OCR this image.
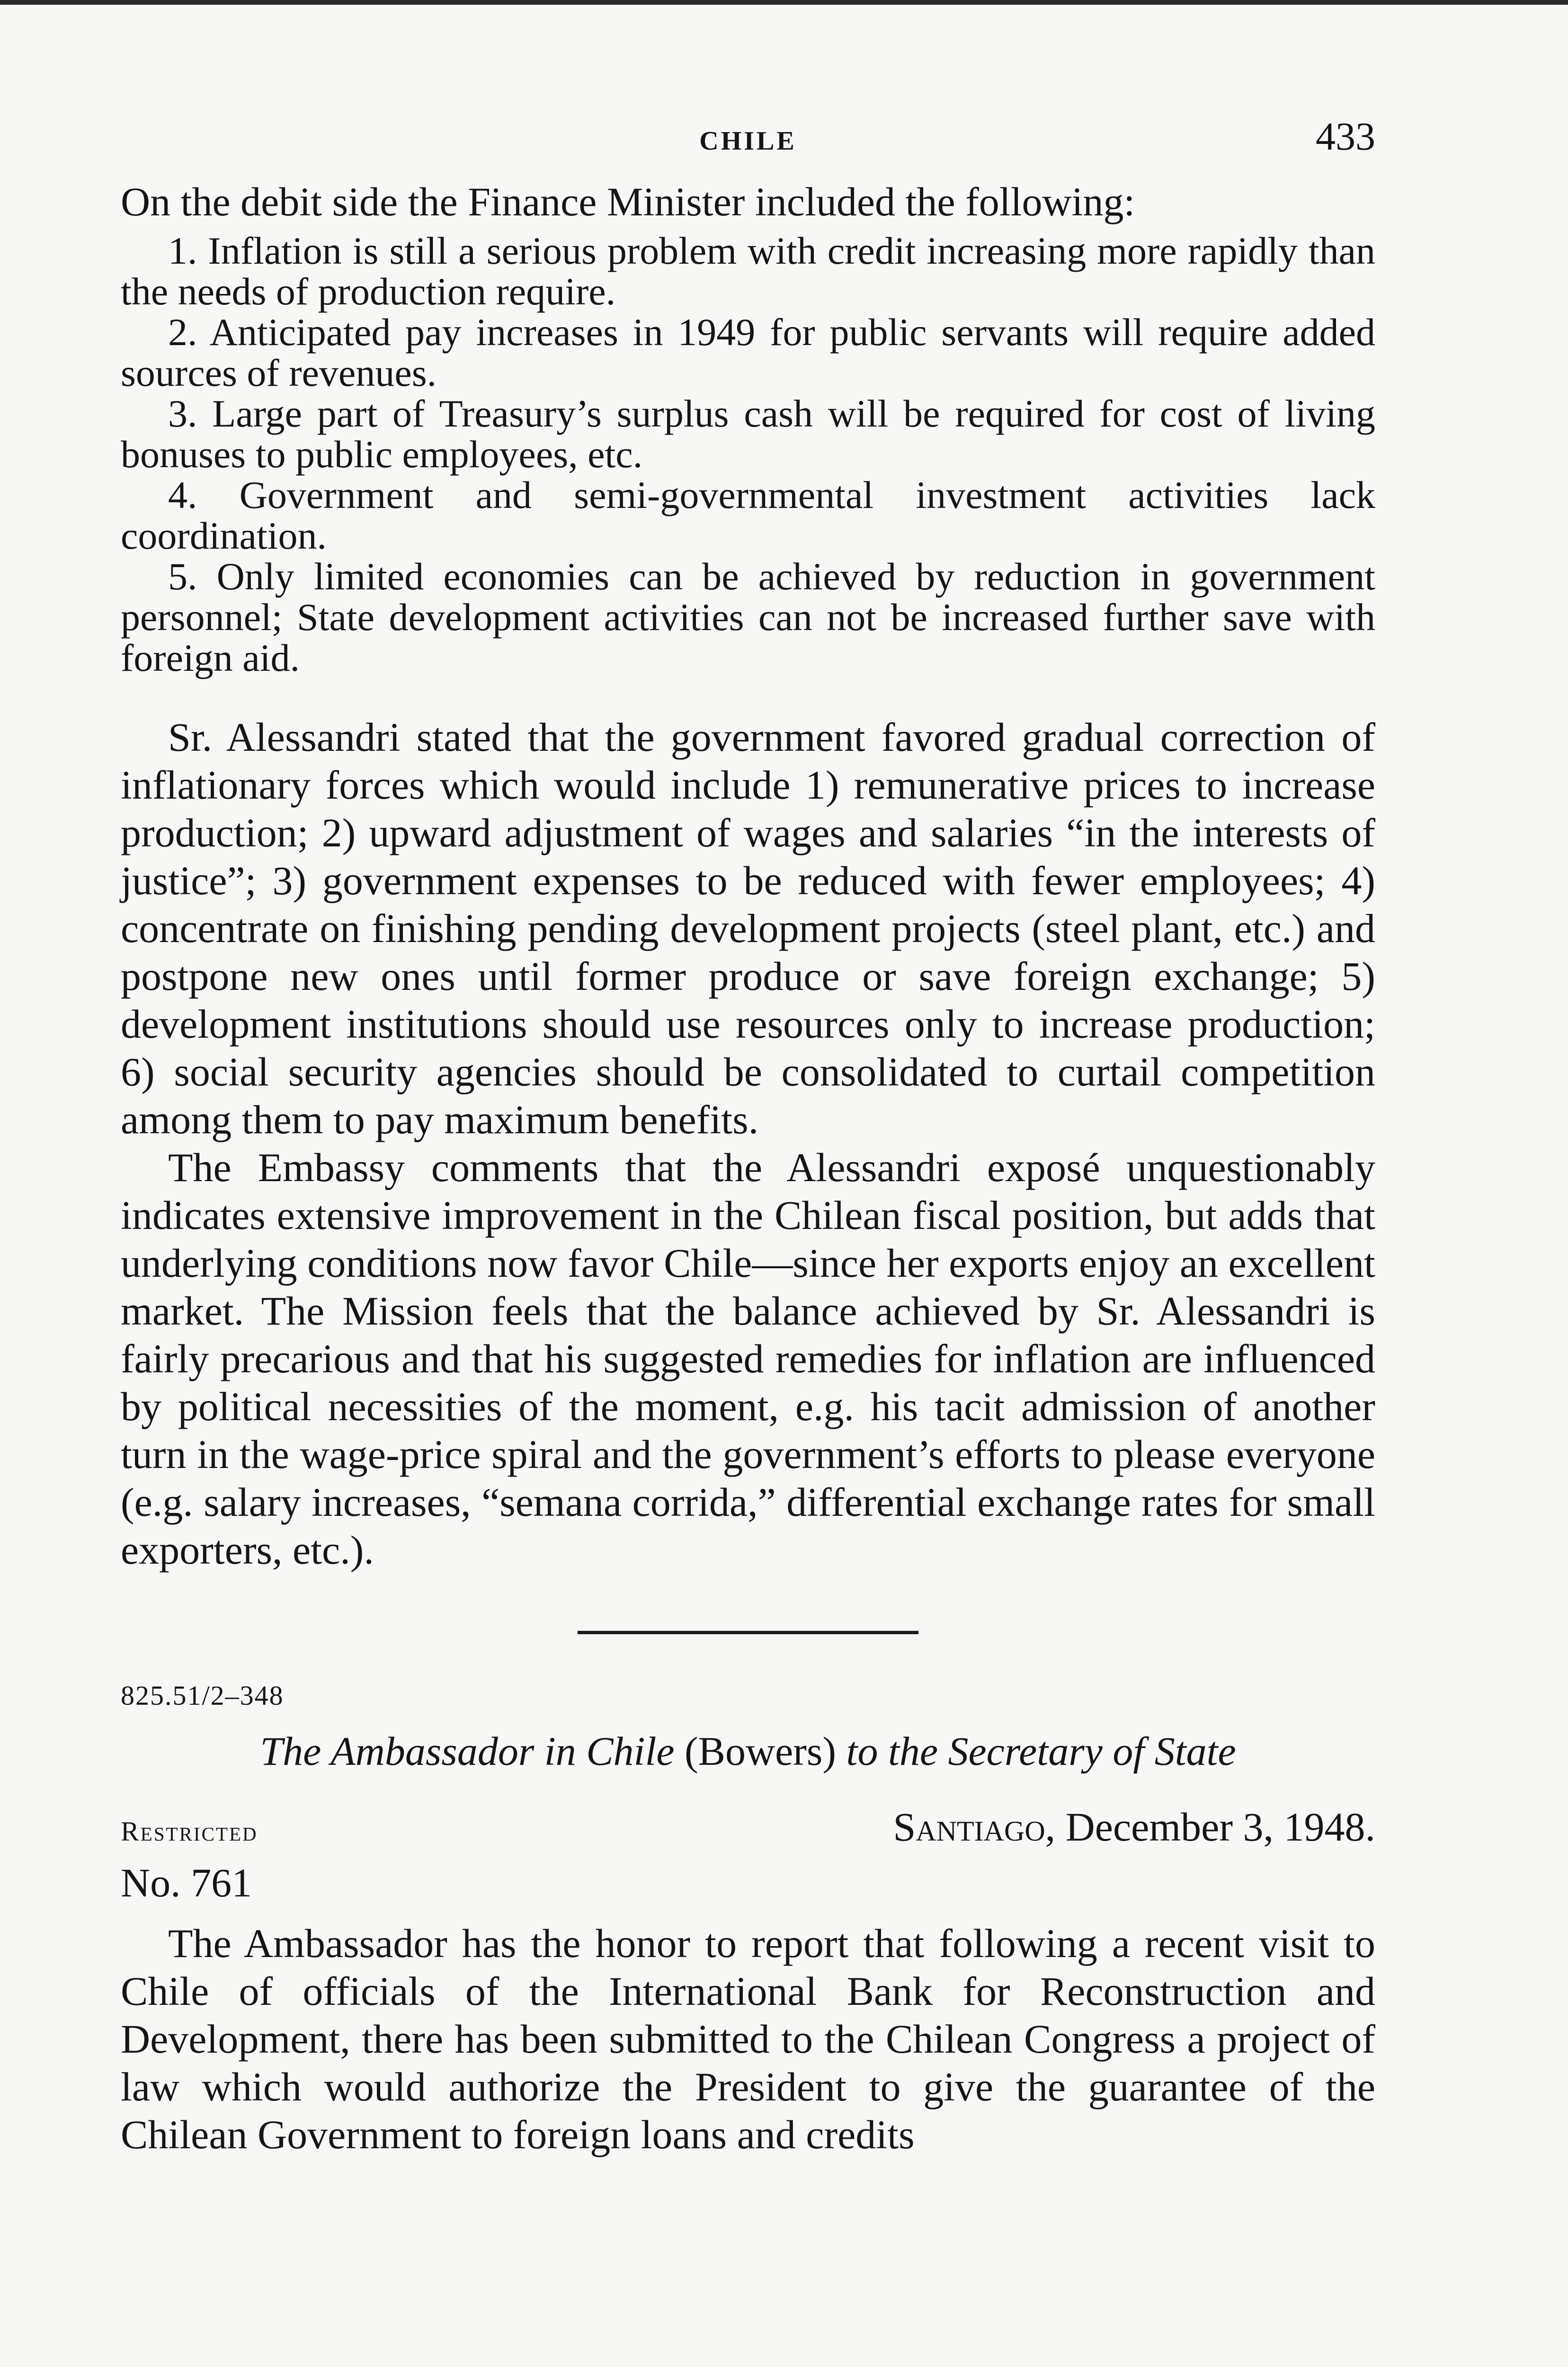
CHILE	433

On the debit side the Finance Minister included the following:

1. Inflation is still a serious problem with credit increasing more rapidly than the needs of production require.

2. Anticipated pay increases in 1949 for public servants will require added sources of revenues.

3. Large part of Treasury’s surplus cash will be required for cost of living bonuses to public employees, etc.

4. Government and semi-governmental investment activities lack coordination.

5. Only limited economies can be achieved by reduction in government personnel; State development activities can not be increased further save with foreign aid.

Sr. Alessandri stated that the government favored gradual correction of inflationary forces which would include 1) remunerative prices to increase production; 2) upward adjustment of wages and salaries “in the interests of justice”; 3) government expenses to be reduced with fewer employees; 4) concentrate on finishing pending development projects (steel plant, etc.) and postpone new ones until former produce or save foreign exchange; 5) development institutions should use resources only to increase production; 6) social security agencies should be consolidated to curtail competition among them to pay maximum benefits.

The Embassy comments that the Alessandri exposé unquestionably indicates extensive improvement in the Chilean fiscal position, but adds that underlying conditions now favor Chile—since her exports enjoy an excellent market. The Mission feels that the balance achieved by Sr. Alessandri is fairly precarious and that his suggested remedies for inflation are influenced by political necessities of the moment, e.g. his tacit admission of another turn in the wage-price spiral and the government’s efforts to please everyone (e.g. salary increases, “semana corrida,” differential exchange rates for small exporters, etc.).

825.51/2–348
The Ambassador in Chile (Bowers) to the Secretary of State
Restricted	Santiago, December 3, 1948.
No. 761

The Ambassador has the honor to report that following a recent visit to Chile of officials of the International Bank for Reconstruction and Development, there has been submitted to the Chilean Congress a project of law which would authorize the President to give the guarantee of the Chilean Government to foreign loans and credits
